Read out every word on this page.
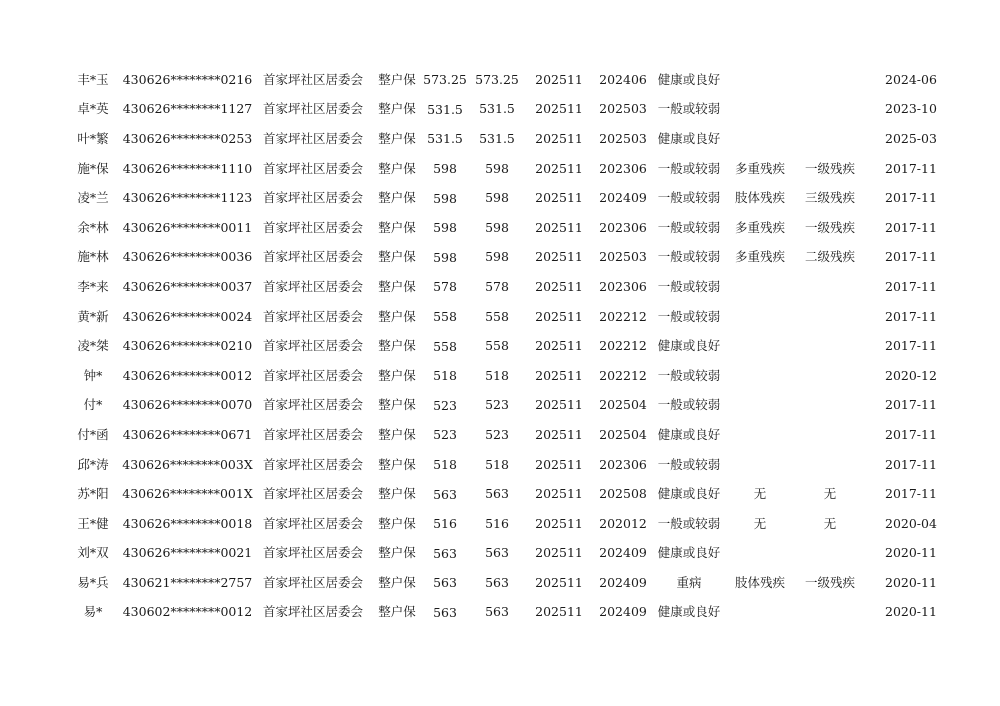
丰*玉	430626********0216	首家坪社区居委会	整户保	573.25	573.25	202511	202406	健康或良好				2024-06
卓*英	430626********1127	首家坪社区居委会	整户保	531.5	531.5	202511	202503	一般或较弱				2023-10
叶*繁	430626********0253	首家坪社区居委会	整户保	531.5	531.5	202511	202503	健康或良好				2025-03
施*保	430626********1110	首家坪社区居委会	整户保	598	598	202511	202306	一般或较弱	多重残疾	一级残疾		2017-11
凌*兰	430626********1123	首家坪社区居委会	整户保	598	598	202511	202409	一般或较弱	肢体残疾	三级残疾		2017-11
余*林	430626********0011	首家坪社区居委会	整户保	598	598	202511	202306	一般或较弱	多重残疾	一级残疾		2017-11
施*林	430626********0036	首家坪社区居委会	整户保	598	598	202511	202503	一般或较弱	多重残疾	二级残疾		2017-11
李*来	430626********0037	首家坪社区居委会	整户保	578	578	202511	202306	一般或较弱				2017-11
黄*新	430626********0024	首家坪社区居委会	整户保	558	558	202511	202212	一般或较弱				2017-11
凌*桀	430626********0210	首家坪社区居委会	整户保	558	558	202511	202212	健康或良好				2017-11
钟*	430626********0012	首家坪社区居委会	整户保	518	518	202511	202212	一般或较弱				2020-12
付*	430626********0070	首家坪社区居委会	整户保	523	523	202511	202504	一般或较弱				2017-11
付*函	430626********0671	首家坪社区居委会	整户保	523	523	202511	202504	健康或良好				2017-11
邱*涛	430626********003X	首家坪社区居委会	整户保	518	518	202511	202306	一般或较弱				2017-11
苏*阳	430626********001X	首家坪社区居委会	整户保	563	563	202511	202508	健康或良好	无	无		2017-11
王*健	430626********0018	首家坪社区居委会	整户保	516	516	202511	202012	一般或较弱	无	无		2020-04
刘*双	430626********0021	首家坪社区居委会	整户保	563	563	202511	202409	健康或良好				2020-11
易*兵	430621********2757	首家坪社区居委会	整户保	563	563	202511	202409	重病	肢体残疾	一级残疾		2020-11
易*	430602********0012	首家坪社区居委会	整户保	563	563	202511	202409	健康或良好				2020-11
